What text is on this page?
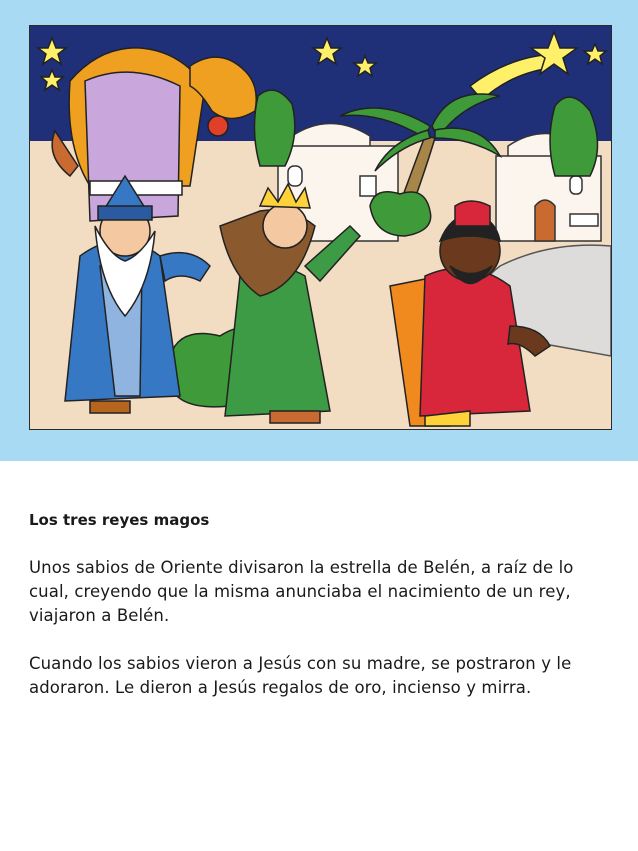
Los tres reyes magos

Unos sabios de Oriente divisaron la estrella de Belén, a raíz de lo cual, creyendo que la misma anunciaba el nacimiento de un rey, viajaron a Belén.

Cuando los sabios vieron a Jesús con su madre, se postraron y le adoraron. Le dieron a Jesús regalos de oro, incienso y mirra.
